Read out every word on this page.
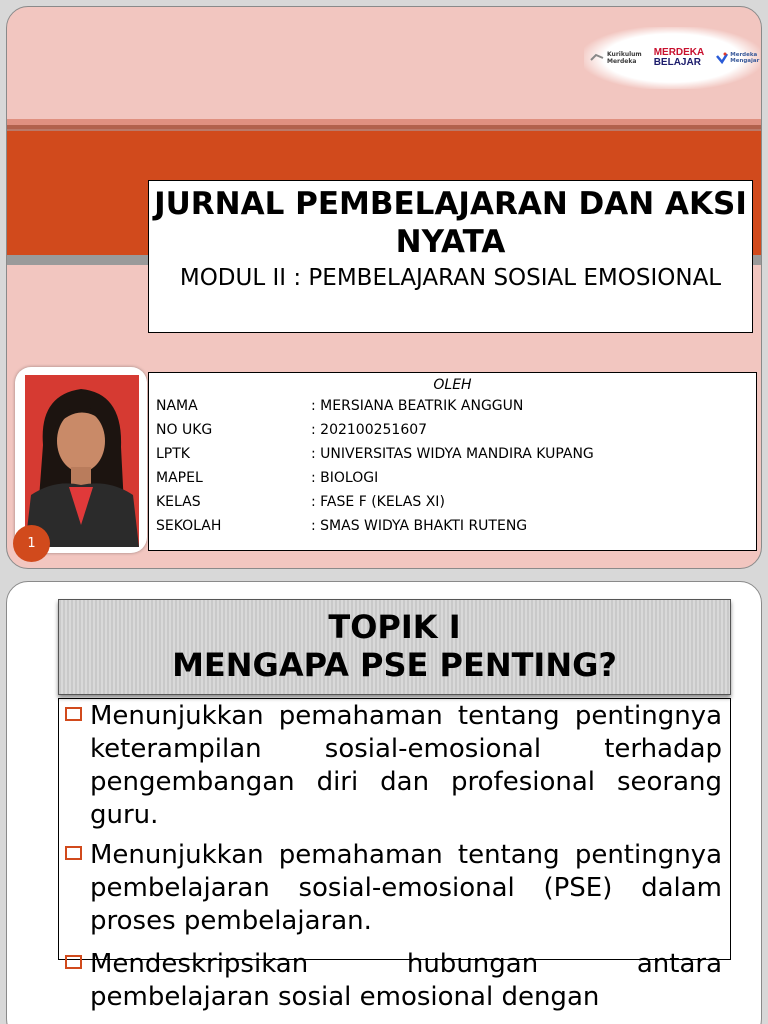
Kurikulum
Merdeka
MERDEKA
BELAJAR
Merdeka
Mengajar
JURNAL PEMBELAJARAN DAN AKSI NYATA
MODUL II : PEMBELAJARAN SOSIAL EMOSIONAL
1
OLEH
NAMA	: MERSIANA BEATRIK ANGGUN
NO UKG	: 202100251607
LPTK	: UNIVERSITAS WIDYA MANDIRA KUPANG
MAPEL	: BIOLOGI
KELAS	: FASE F (KELAS XI)
SEKOLAH	: SMAS WIDYA BHAKTI RUTENG
TOPIK I
MENGAPA PSE PENTING?
Menunjukkan pemahaman tentang pentingnya keterampilan sosial-emosional terhadap pengembangan diri dan profesional seorang guru.
Menunjukkan pemahaman tentang pentingnya pembelajaran sosial-emosional (PSE) dalam proses pembelajaran.
Mendeskripsikan hubungan antara pembelajaran sosial emosional dengan
